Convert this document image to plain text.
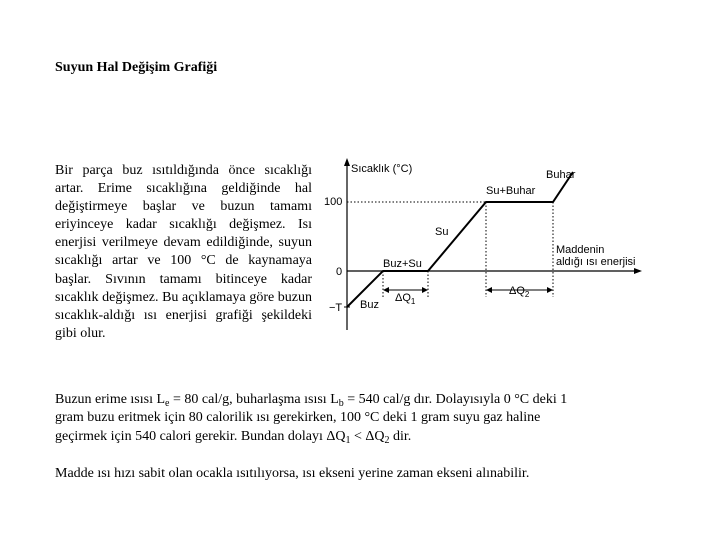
Suyun Hal Değişim Grafiği

Bir parça buz ısıtıldığında önce sıcaklığı artar. Erime sıcaklığına geldiğinde hal değiştirmeye başlar ve buzun tamamı eriyinceye kadar sıcaklığı değişmez. Isı enerjisi verilmeye devam edildiğinde, suyun sıcaklığı artar ve 100 °C de kaynamaya başlar. Sıvının tamamı bitinceye kadar sıcaklık değişmez. Bu açıklamaya göre buzun sıcaklık-aldığı ısı enerjisi grafiği şekildeki gibi olur.

100
0
−T
Sıcaklık (°C)	Buhar
Su+Buhar
Su
Buz+Su
Buz
Maddenin
aldığı ısı enerjisi
$\Delta Q_1$
$\Delta Q_2$

Buzun erime ısısı $L_e = 80$ cal/g, buharlaşma ısısı $L_b = 540$ cal/g dır. Dolayısıyla 0 °C deki 1

gram buzu eritmek için 80 calorilik ısı gerekirken, 100 °C deki 1 gram suyu gaz haline

geçirmek için 540 calori gerekir. Bundan dolayı $\Delta Q_1 < \Delta Q_2$ dir.

Madde ısı hızı sabit olan ocakla ısıtılıyorsa, ısı ekseni yerine zaman ekseni alınabilir.
